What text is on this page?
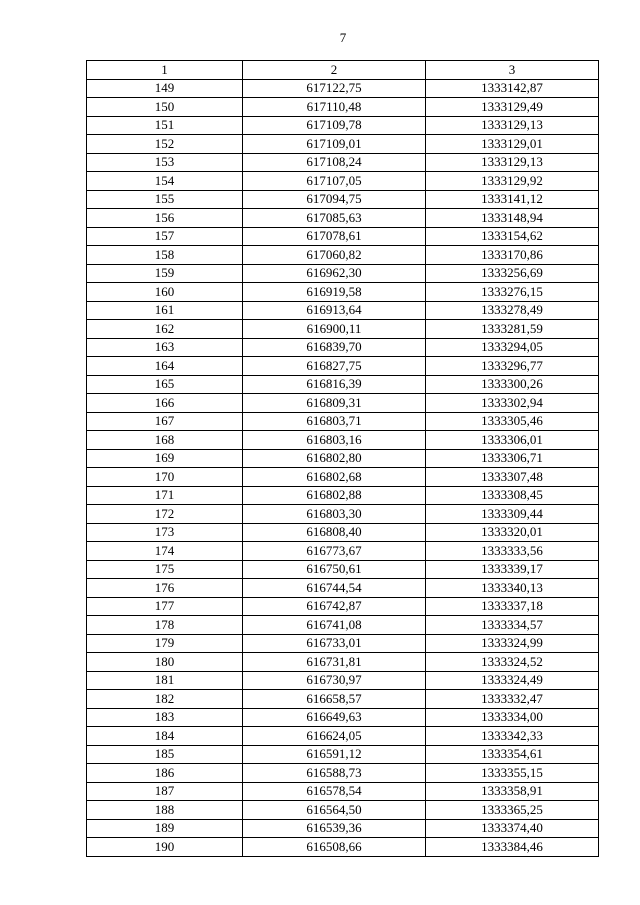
7
1	2	3
149	617122,75	1333142,87
150	617110,48	1333129,49
151	617109,78	1333129,13
152	617109,01	1333129,01
153	617108,24	1333129,13
154	617107,05	1333129,92
155	617094,75	1333141,12
156	617085,63	1333148,94
157	617078,61	1333154,62
158	617060,82	1333170,86
159	616962,30	1333256,69
160	616919,58	1333276,15
161	616913,64	1333278,49
162	616900,11	1333281,59
163	616839,70	1333294,05
164	616827,75	1333296,77
165	616816,39	1333300,26
166	616809,31	1333302,94
167	616803,71	1333305,46
168	616803,16	1333306,01
169	616802,80	1333306,71
170	616802,68	1333307,48
171	616802,88	1333308,45
172	616803,30	1333309,44
173	616808,40	1333320,01
174	616773,67	1333333,56
175	616750,61	1333339,17
176	616744,54	1333340,13
177	616742,87	1333337,18
178	616741,08	1333334,57
179	616733,01	1333324,99
180	616731,81	1333324,52
181	616730,97	1333324,49
182	616658,57	1333332,47
183	616649,63	1333334,00
184	616624,05	1333342,33
185	616591,12	1333354,61
186	616588,73	1333355,15
187	616578,54	1333358,91
188	616564,50	1333365,25
189	616539,36	1333374,40
190	616508,66	1333384,46
